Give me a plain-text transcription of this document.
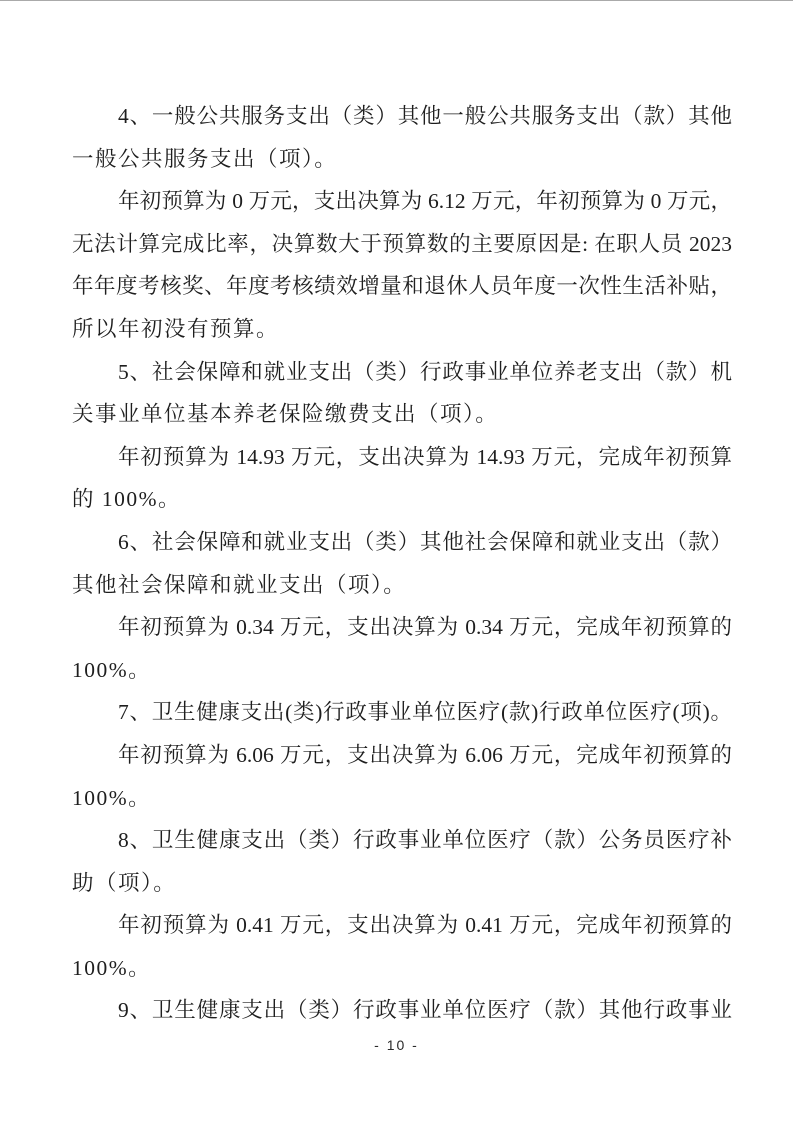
4、一般公共服务支出（类）其他一般公共服务支出（款）其他

一般公共服务支出（项）。

年初预算为 0 万元，支出决算为 6.12 万元，年初预算为 0 万元，

无法计算完成比率，决算数大于预算数的主要原因是: 在职人员 2023

年年度考核奖、年度考核绩效增量和退休人员年度一次性生活补贴，

所以年初没有预算。

5、社会保障和就业支出（类）行政事业单位养老支出（款）机

关事业单位基本养老保险缴费支出（项）。

年初预算为 14.93 万元，支出决算为 14.93 万元，完成年初预算

的 100%。

6、社会保障和就业支出（类）其他社会保障和就业支出（款）

其他社会保障和就业支出（项）。

年初预算为 0.34 万元，支出决算为 0.34 万元，完成年初预算的

100%。

7、卫生健康支出(类)行政事业单位医疗(款)行政单位医疗(项)。

年初预算为 6.06 万元，支出决算为 6.06 万元，完成年初预算的

100%。

8、卫生健康支出（类）行政事业单位医疗（款）公务员医疗补

助（项）。

年初预算为 0.41 万元，支出决算为 0.41 万元，完成年初预算的

100%。

9、卫生健康支出（类）行政事业单位医疗（款）其他行政事业

- 10 -
